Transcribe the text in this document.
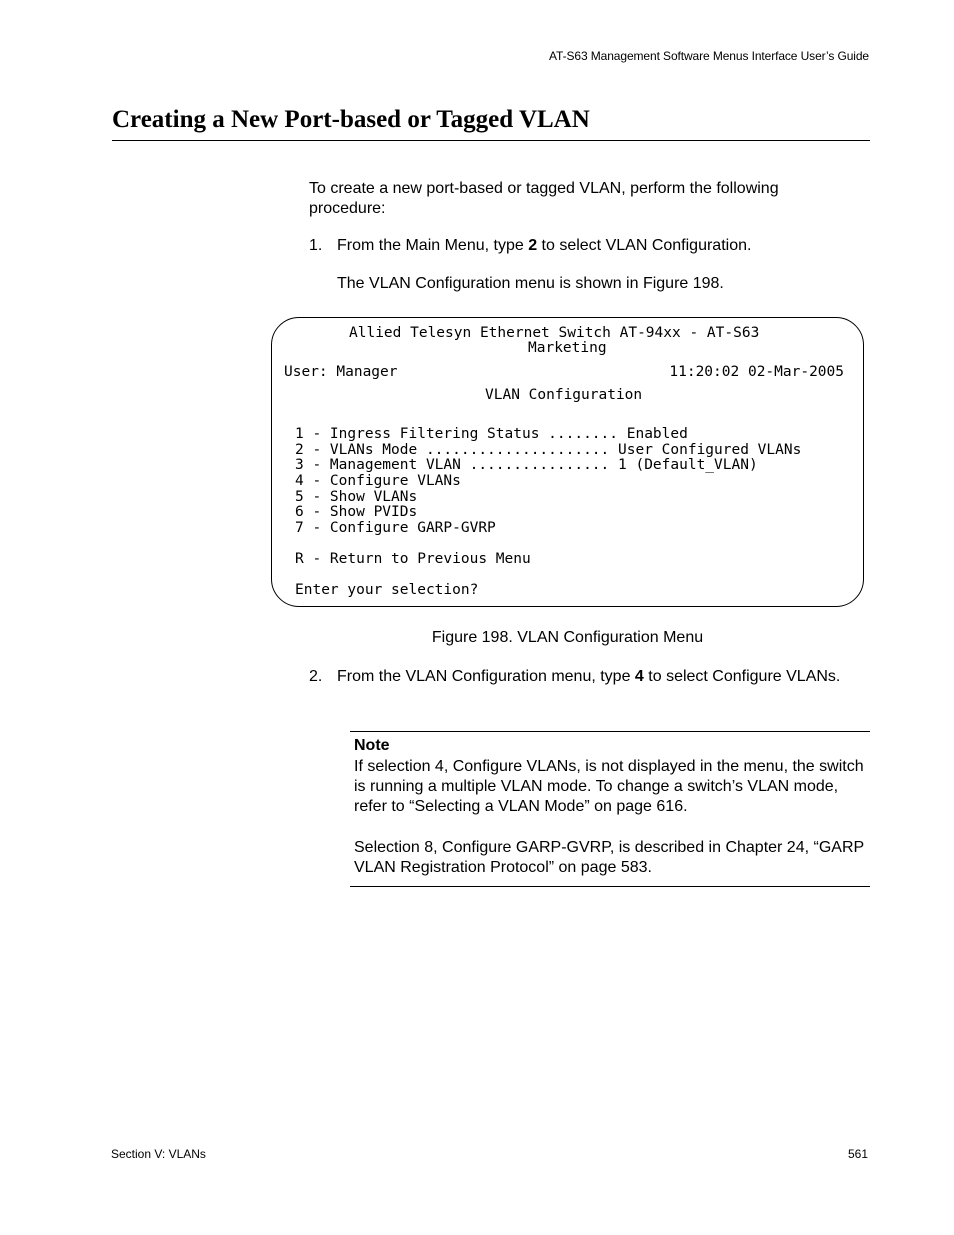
AT-S63 Management Software Menus Interface User’s Guide
Creating a New Port-based or Tagged VLAN
To create a new port-based or tagged VLAN, perform the following procedure:
1. From the Main Menu, type 2 to select VLAN Configuration.
The VLAN Configuration menu is shown in Figure 198.
Allied Telesyn Ethernet Switch AT-94xx - AT-S63
Marketing
User: Manager	11:20:02 02-Mar-2005
VLAN Configuration
1 - Ingress Filtering Status ........ Enabled
2 - VLANs Mode ..................... User Configured VLANs
3 - Management VLAN ................ 1 (Default_VLAN)
4 - Configure VLANs
5 - Show VLANs
6 - Show PVIDs
7 - Configure GARP-GVRP
R - Return to Previous Menu
Enter your selection?
Figure 198. VLAN Configuration Menu
2. From the VLAN Configuration menu, type 4 to select Configure VLANs.
Note
If selection 4, Configure VLANs, is not displayed in the menu, the switch is running a multiple VLAN mode. To change a switch’s VLAN mode, refer to “Selecting a VLAN Mode” on page 616.
Selection 8, Configure GARP-GVRP, is described in Chapter 24, “GARP VLAN Registration Protocol” on page 583.
Section V: VLANs	561
